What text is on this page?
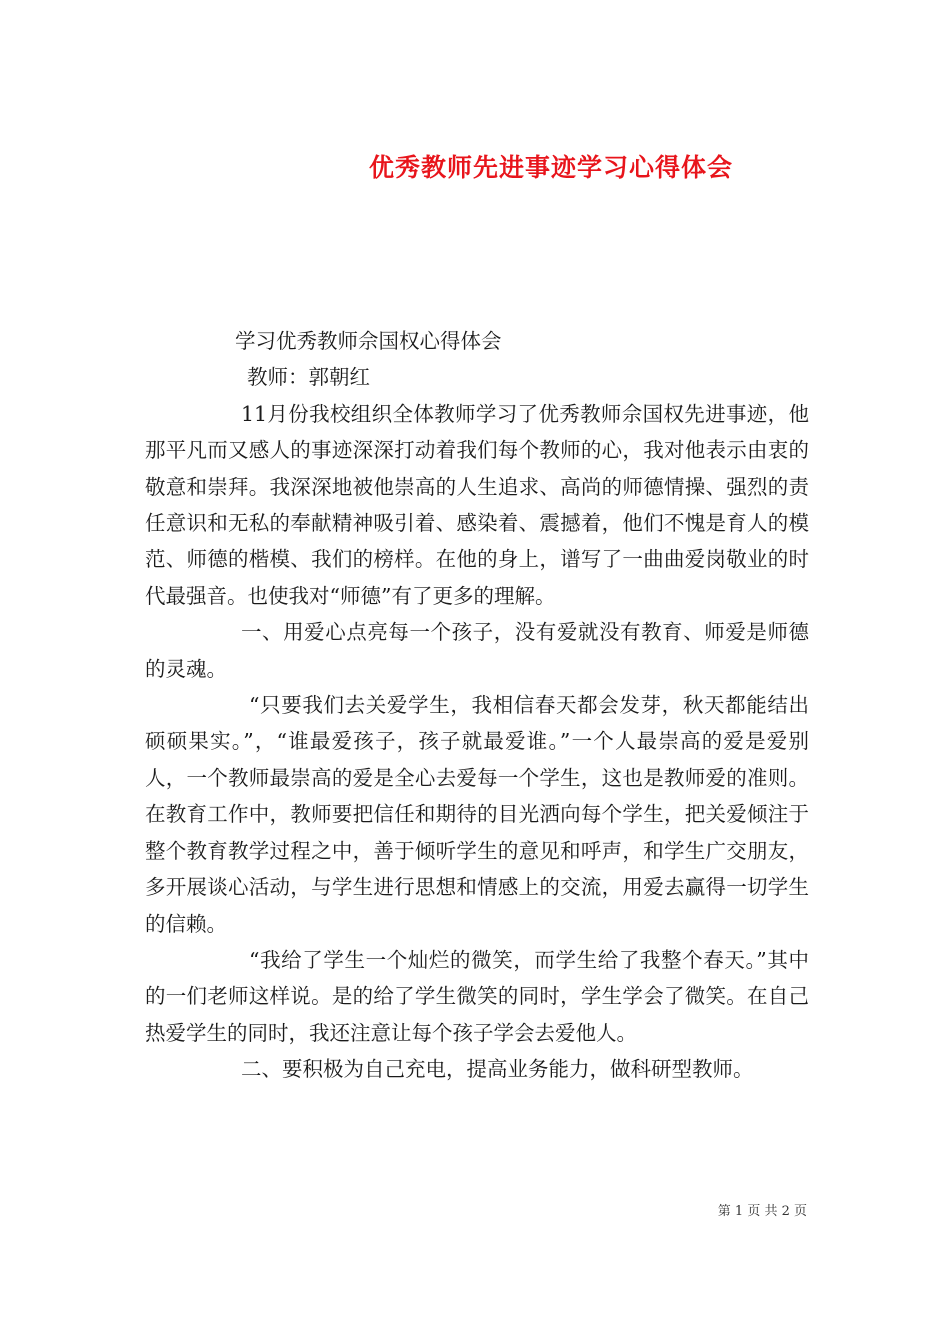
优秀教师先进事迹学习心得体会

学习优秀教师佘国权心得体会

教师：郭朝红

11月份我校组织全体教师学习了优秀教师佘国权先进事迹，他那平凡而又感人的事迹深深打动着我们每个教师的心，我对他表示由衷的敬意和崇拜。我深深地被他崇高的人生追求、高尚的师德情操、强烈的责任意识和无私的奉献精神吸引着、感染着、震撼着，他们不愧是育人的模范、师德的楷模、我们的榜样。在他的身上，谱写了一曲曲爱岗敬业的时代最强音。也使我对“师德”有了更多的理解。

一、用爱心点亮每一个孩子，没有爱就没有教育、师爱是师德的灵魂。

“只要我们去关爱学生，我相信春天都会发芽，秋天都能结出硕硕果实。”，“谁最爱孩子，孩子就最爱谁。”一个人最崇高的爱是爱别人，一个教师最崇高的爱是全心去爱每一个学生，这也是教师爱的准则。在教育工作中，教师要把信任和期待的目光洒向每个学生，把关爱倾注于整个教育教学过程之中，善于倾听学生的意见和呼声，和学生广交朋友，多开展谈心活动，与学生进行思想和情感上的交流，用爱去赢得一切学生的信赖。

“我给了学生一个灿烂的微笑，而学生给了我整个春天。”其中的一们老师这样说。是的给了学生微笑的同时，学生学会了微笑。在自己热爱学生的同时，我还注意让每个孩子学会去爱他人。

二、要积极为自己充电，提高业务能力，做科研型教师。

第 1 页 共 2 页
